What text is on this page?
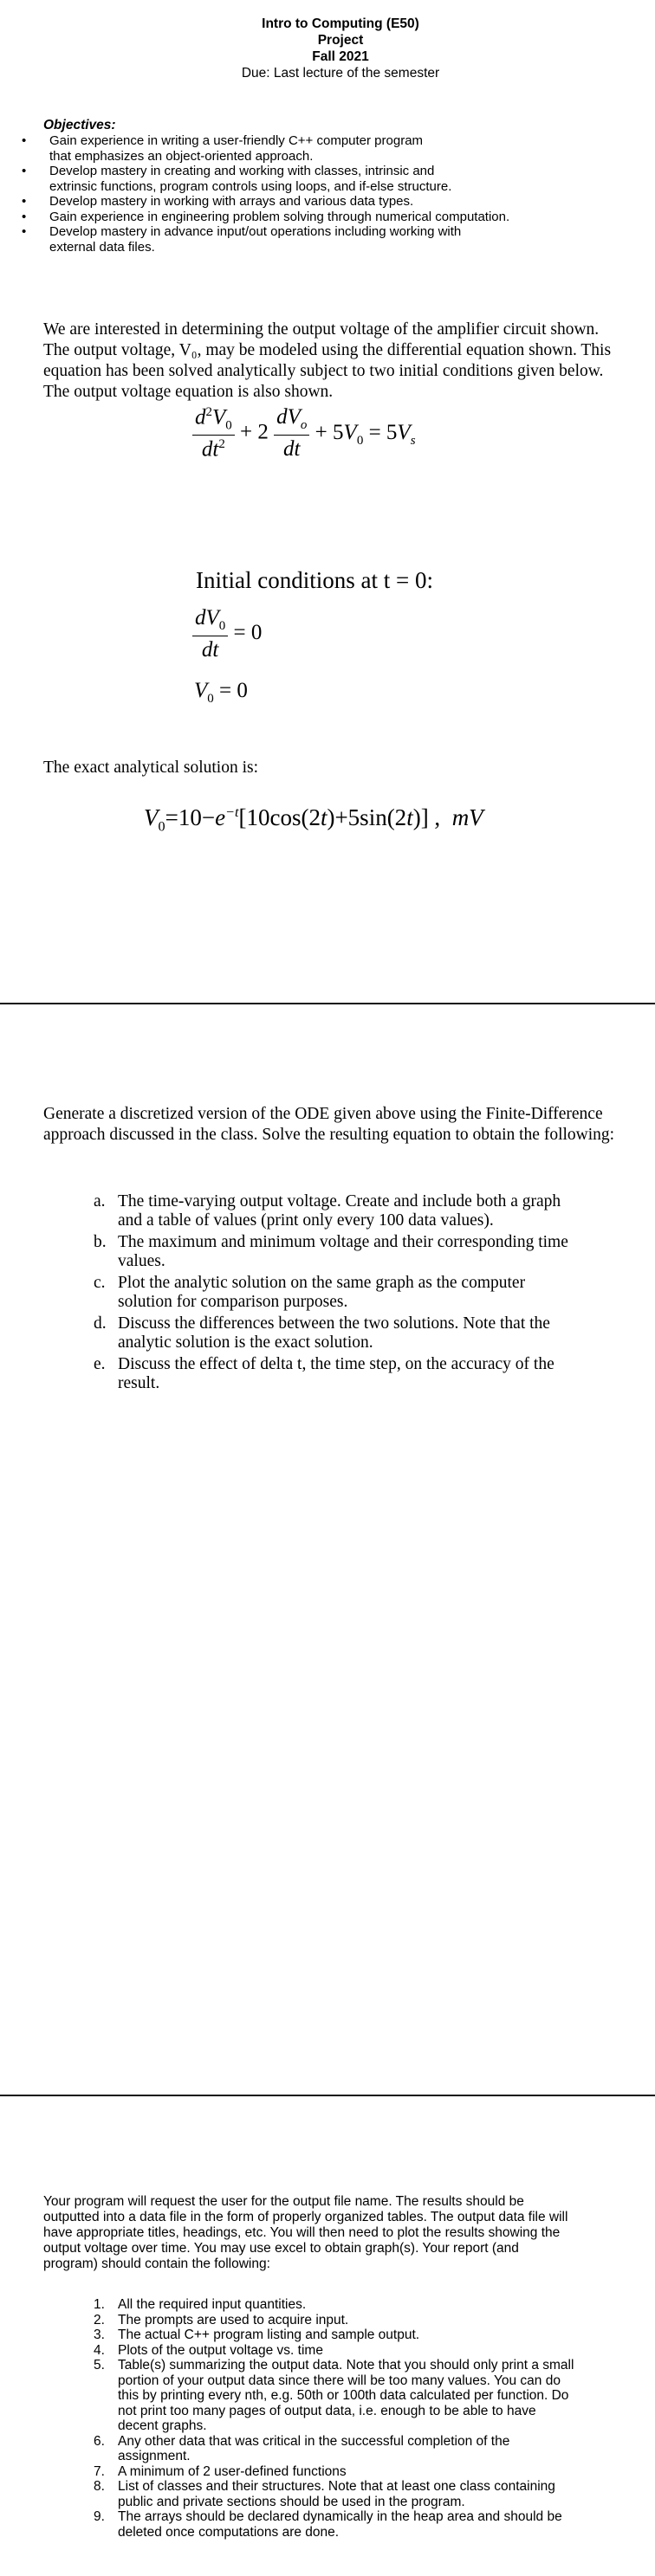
Intro to Computing (E50)
Project
Fall 2021
Due: Last lecture of the semester
Objectives:
• Gain experience in writing a user-friendly C++ computer program
that emphasizes an object-oriented approach.
• Develop mastery in creating and working with classes, intrinsic and
extrinsic functions, program controls using loops, and if-else structure.
• Develop mastery in working with arrays and various data types.
• Gain experience in engineering problem solving through numerical computation.
• Develop mastery in advance input/out operations including working with
external data files.
We are interested in determining the output voltage of the amplifier circuit shown. The output voltage, V₀, may be modeled using the differential equation shown. This equation has been solved analytically subject to two initial conditions given below. The output voltage equation is also shown.
$\frac{d^2V_0}{dt^2} + 2 \frac{dV_o}{dt} + 5V_0 = 5V_s$
Initial conditions at t = 0:
$\frac{dV_0}{dt} = 0$
$V_0 = 0$
The exact analytical solution is:
$V_0=10-e^{-t}[10\cos(2t)+5\sin(2t)]$ , mV
Generate a discretized version of the ODE given above using the Finite-Difference approach discussed in the class. Solve the resulting equation to obtain the following:
a. The time-varying output voltage. Create and include both a graph
and a table of values (print only every 100 data values).
b. The maximum and minimum voltage and their corresponding time
values.
c. Plot the analytic solution on the same graph as the computer
solution for comparison purposes.
d. Discuss the differences between the two solutions. Note that the
analytic solution is the exact solution.
e. Discuss the effect of delta t, the time step, on the accuracy of the
result.
Your program will request the user for the output file name. The results should be
outputted into a data file in the form of properly organized tables. The output data file will
have appropriate titles, headings, etc. You will then need to plot the results showing the
output voltage over time. You may use excel to obtain graph(s). Your report (and
program) should contain the following:
1. All the required input quantities.
2. The prompts are used to acquire input.
3. The actual C++ program listing and sample output.
4. Plots of the output voltage vs. time
5. Table(s) summarizing the output data. Note that you should only print a small
portion of your output data since there will be too many values. You can do
this by printing every nth, e.g. 50th or 100th data calculated per function. Do
not print too many pages of output data, i.e. enough to be able to have
decent graphs.
6. Any other data that was critical in the successful completion of the
assignment.
7. A minimum of 2 user-defined functions
8. List of classes and their structures. Note that at least one class containing
public and private sections should be used in the program.
9. The arrays should be declared dynamically in the heap area and should be
deleted once computations are done.
